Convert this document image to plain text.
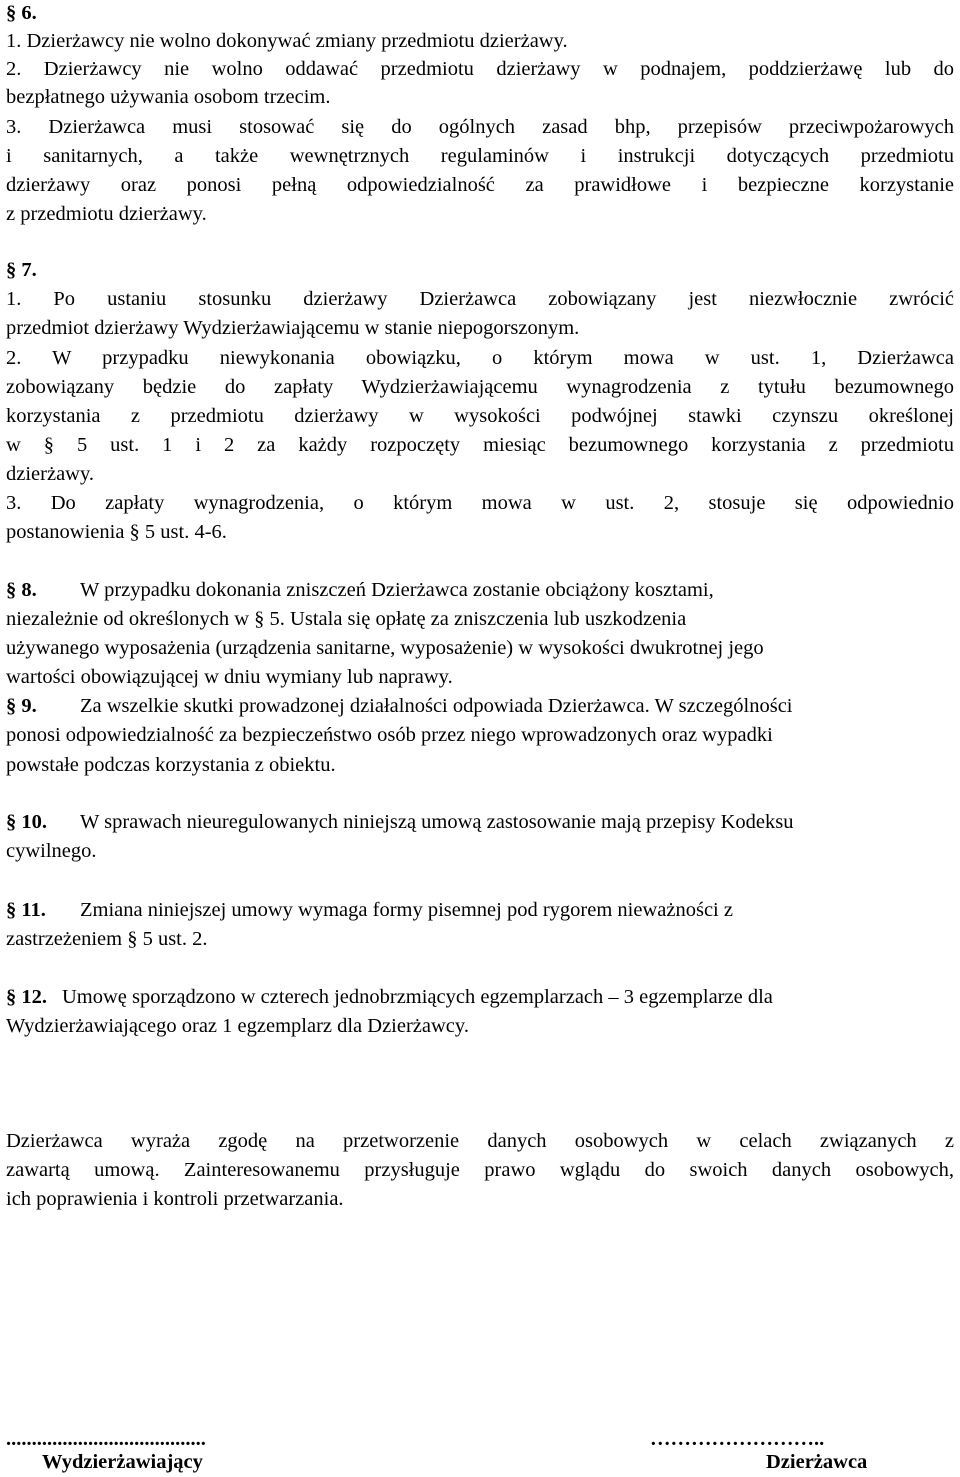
§ 6.
1. Dzierżawcy nie wolno dokonywać zmiany przedmiotu dzierżawy.
2. Dzierżawcy nie wolno oddawać przedmiotu dzierżawy w podnajem, poddzierżawę lub do
bezpłatnego używania osobom trzecim.
3. Dzierżawca musi stosować się do ogólnych zasad bhp, przepisów przeciwpożarowych
i sanitarnych, a także wewnętrznych regulaminów i instrukcji dotyczących przedmiotu
dzierżawy oraz ponosi pełną odpowiedzialność za prawidłowe i bezpieczne korzystanie
z przedmiotu dzierżawy.
§ 7.
1. Po ustaniu stosunku dzierżawy Dzierżawca zobowiązany jest niezwłocznie zwrócić
przedmiot dzierżawy Wydzierżawiającemu w stanie niepogorszonym.
2. W przypadku niewykonania obowiązku, o którym mowa w ust. 1, Dzierżawca
zobowiązany będzie do zapłaty Wydzierżawiającemu wynagrodzenia z tytułu bezumownego
korzystania z przedmiotu dzierżawy w wysokości podwójnej stawki czynszu określonej
w § 5 ust. 1 i 2 za każdy rozpoczęty miesiąc bezumownego korzystania z przedmiotu
dzierżawy.
3. Do zapłaty wynagrodzenia, o którym mowa w ust. 2, stosuje się odpowiednio
postanowienia § 5 ust. 4-6.
§ 8. W przypadku dokonania zniszczeń Dzierżawca zostanie obciążony kosztami,
niezależnie od określonych w § 5. Ustala się opłatę za zniszczenia lub uszkodzenia
używanego wyposażenia (urządzenia sanitarne, wyposażenie) w wysokości dwukrotnej jego
wartości obowiązującej w dniu wymiany lub naprawy.
§ 9. Za wszelkie skutki prowadzonej działalności odpowiada Dzierżawca. W szczególności
ponosi odpowiedzialność za bezpieczeństwo osób przez niego wprowadzonych oraz wypadki
powstałe podczas korzystania z obiektu.
§ 10. W sprawach nieuregulowanych niniejszą umową zastosowanie mają przepisy Kodeksu
cywilnego.
§ 11. Zmiana niniejszej umowy wymaga formy pisemnej pod rygorem nieważności z
zastrzeżeniem § 5 ust. 2.
§ 12. Umowę sporządzono w czterech jednobrzmiących egzemplarzach – 3 egzemplarze dla
Wydzierżawiającego oraz 1 egzemplarz dla Dzierżawcy.
Dzierżawca wyraża zgodę na przetworzenie danych osobowych w celach związanych z
zawartą umową. Zainteresowanemu przysługuje prawo wglądu do swoich danych osobowych,
ich poprawienia i kontroli przetwarzania.
.......................................
Wydzierżawiający
……………………..
Dzierżawca
